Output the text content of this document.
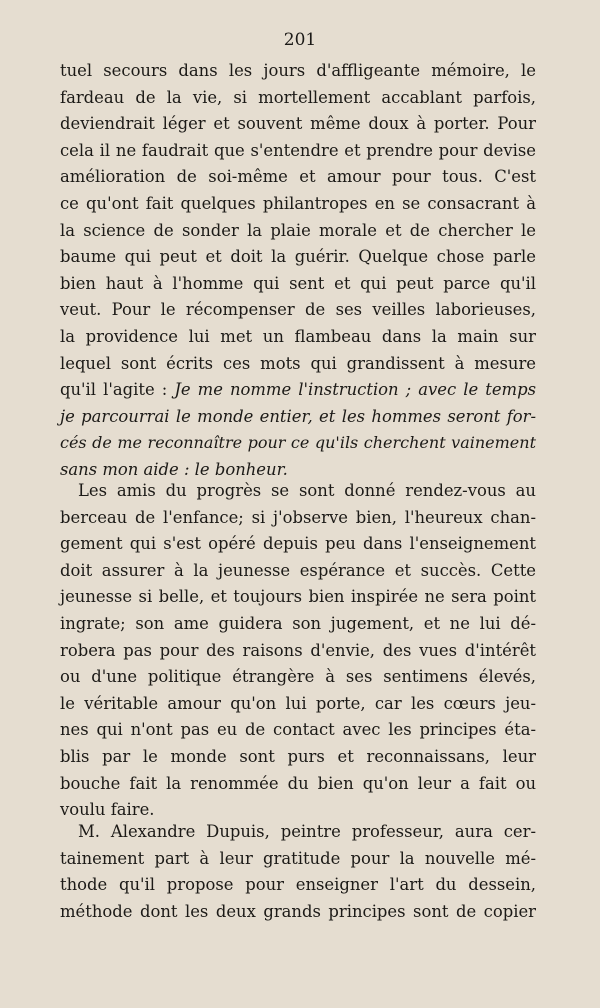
201
tuel secours dans les jours d'affligeante mémoire, le
fardeau de la vie, si mortellement accablant parfois,
deviendrait léger et souvent même doux à porter. Pour
cela il ne faudrait que s'entendre et prendre pour devise
amélioration de soi-même et amour pour tous. C'est
ce qu'ont fait quelques philantropes en se consacrant à
la science de sonder la plaie morale et de chercher le
baume qui peut et doit la guérir. Quelque chose parle
bien haut à l'homme qui sent et qui peut parce qu'il
veut. Pour le récompenser de ses veilles laborieuses,
la providence lui met un flambeau dans la main sur
lequel sont écrits ces mots qui grandissent à mesure
qu'il l'agite : Je me nomme l'instruction ; avec le temps
je parcourrai le monde entier, et les hommes seront for-
cés de me reconnaître pour ce qu'ils cherchent vainement
sans mon aide : le bonheur.
Les amis du progrès se sont donné rendez-vous au
berceau de l'enfance; si j'observe bien, l'heureux chan-
gement qui s'est opéré depuis peu dans l'enseignement
doit assurer à la jeunesse espérance et succès. Cette
jeunesse si belle, et toujours bien inspirée ne sera point
ingrate; son ame guidera son jugement, et ne lui dé-
robera pas pour des raisons d'envie, des vues d'intérêt
ou d'une politique étrangère à ses sentimens élevés,
le véritable amour qu'on lui porte, car les cœurs jeu-
nes qui n'ont pas eu de contact avec les principes éta-
blis par le monde sont purs et reconnaissans, leur
bouche fait la renommée du bien qu'on leur a fait ou
voulu faire.
M. Alexandre Dupuis, peintre professeur, aura cer-
tainement part à leur gratitude pour la nouvelle mé-
thode qu'il propose pour enseigner l'art du dessein,
méthode dont les deux grands principes sont de copier
